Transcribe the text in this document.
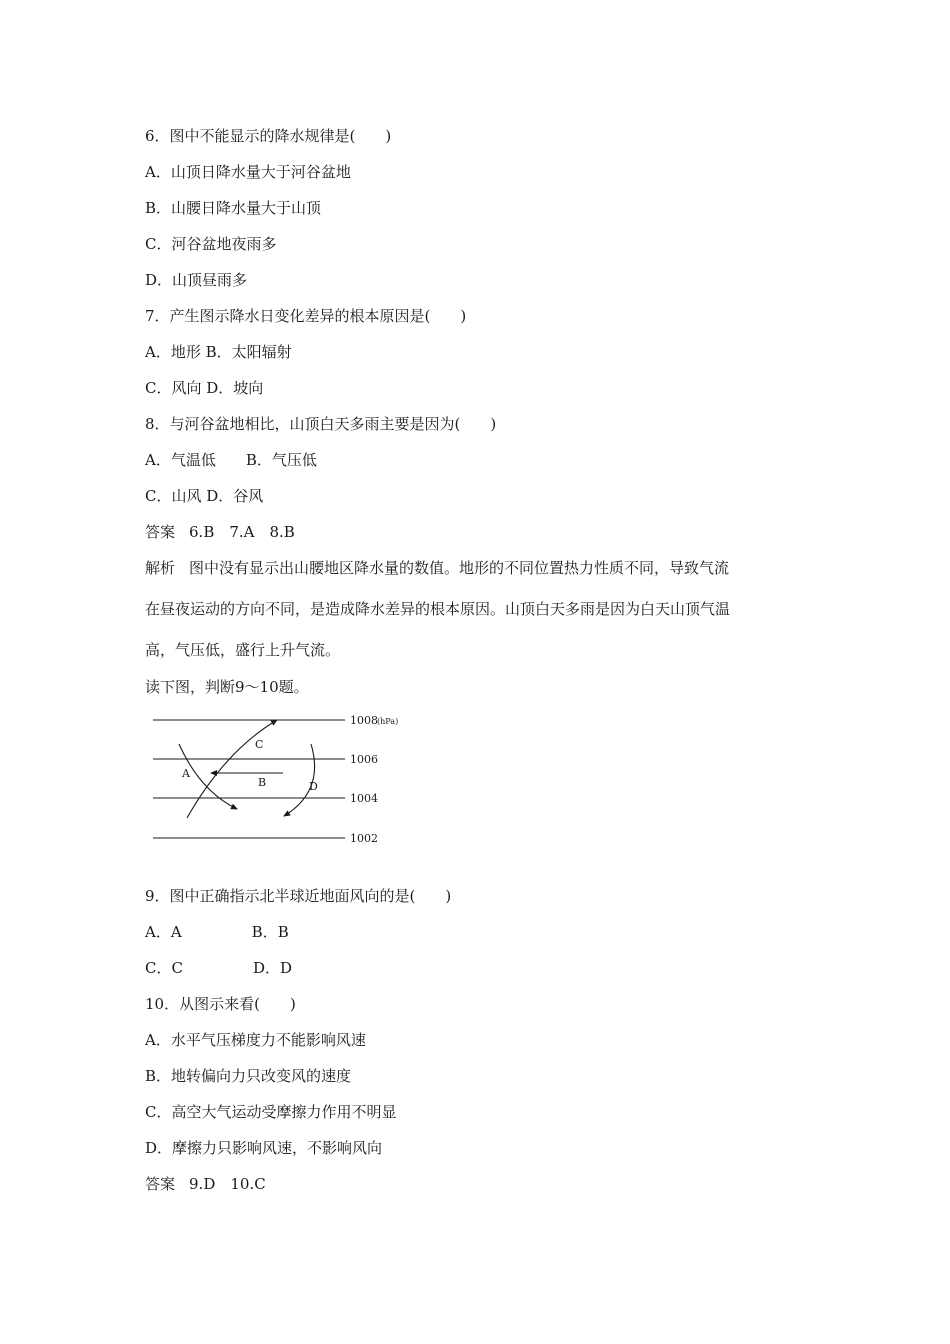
6．图中不能显示的降水规律是(　　)
A．山顶日降水量大于河谷盆地
B．山腰日降水量大于山顶
C．河谷盆地夜雨多
D．山顶昼雨多
7．产生图示降水日变化差异的根本原因是(　　)
A．地形 B．太阳辐射
C．风向 D．坡向
8．与河谷盆地相比，山顶白天多雨主要是因为(　　)
A．气温低 B．气压低
C．山风 D．谷风
答案 6.B　7.A　8.B
解析 图中没有显示出山腰地区降水量的数值。地形的不同位置热力性质不同，导致气流
在昼夜运动的方向不同，是造成降水差异的根本原因。山顶白天多雨是因为白天山顶气温
高，气压低，盛行上升气流。
读下图，判断9～10题。
1008 (hPa)
1006
1004
1002
A
B
C
D
9．图中正确指示北半球近地面风向的是(　　)
A．A	B．B
C．C	D．D
10．从图示来看(　　)
A．水平气压梯度力不能影响风速
B．地转偏向力只改变风的速度
C．高空大气运动受摩擦力作用不明显
D．摩擦力只影响风速，不影响风向
答案 9.D　10.C
